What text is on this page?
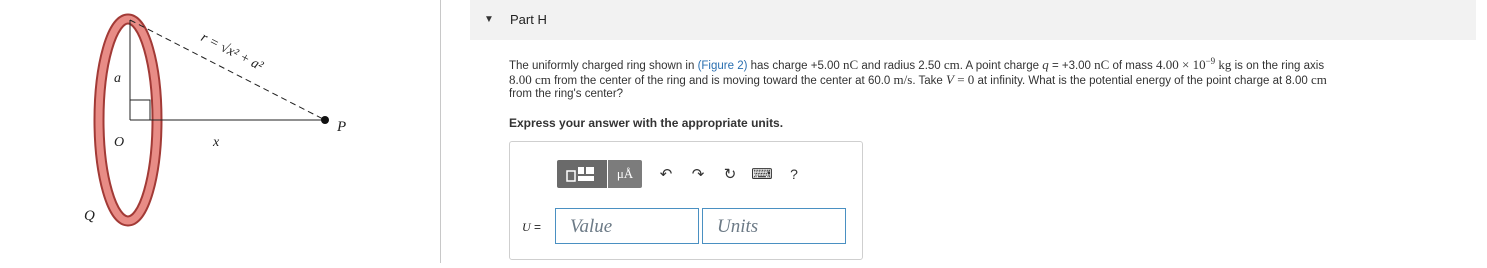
a
O
Q
x
P
r = √x² + a²
▼ Part H
The uniformly charged ring shown in (Figure 2) has charge +5.00 nC and radius 2.50 cm. A point charge q = +3.00 nC of mass $4.00 \times 10^{-9}$ kg is on the ring axis
8.00 cm from the center of the ring and is moving toward the center at 60.0 m/s. Take V = 0 at infinity. What is the potential energy of the point charge at 8.00 cm
from the ring's center?
Express your answer with the appropriate units.
μÅ	↶	↷	↻ ⌨	?
U =	Value	Units
